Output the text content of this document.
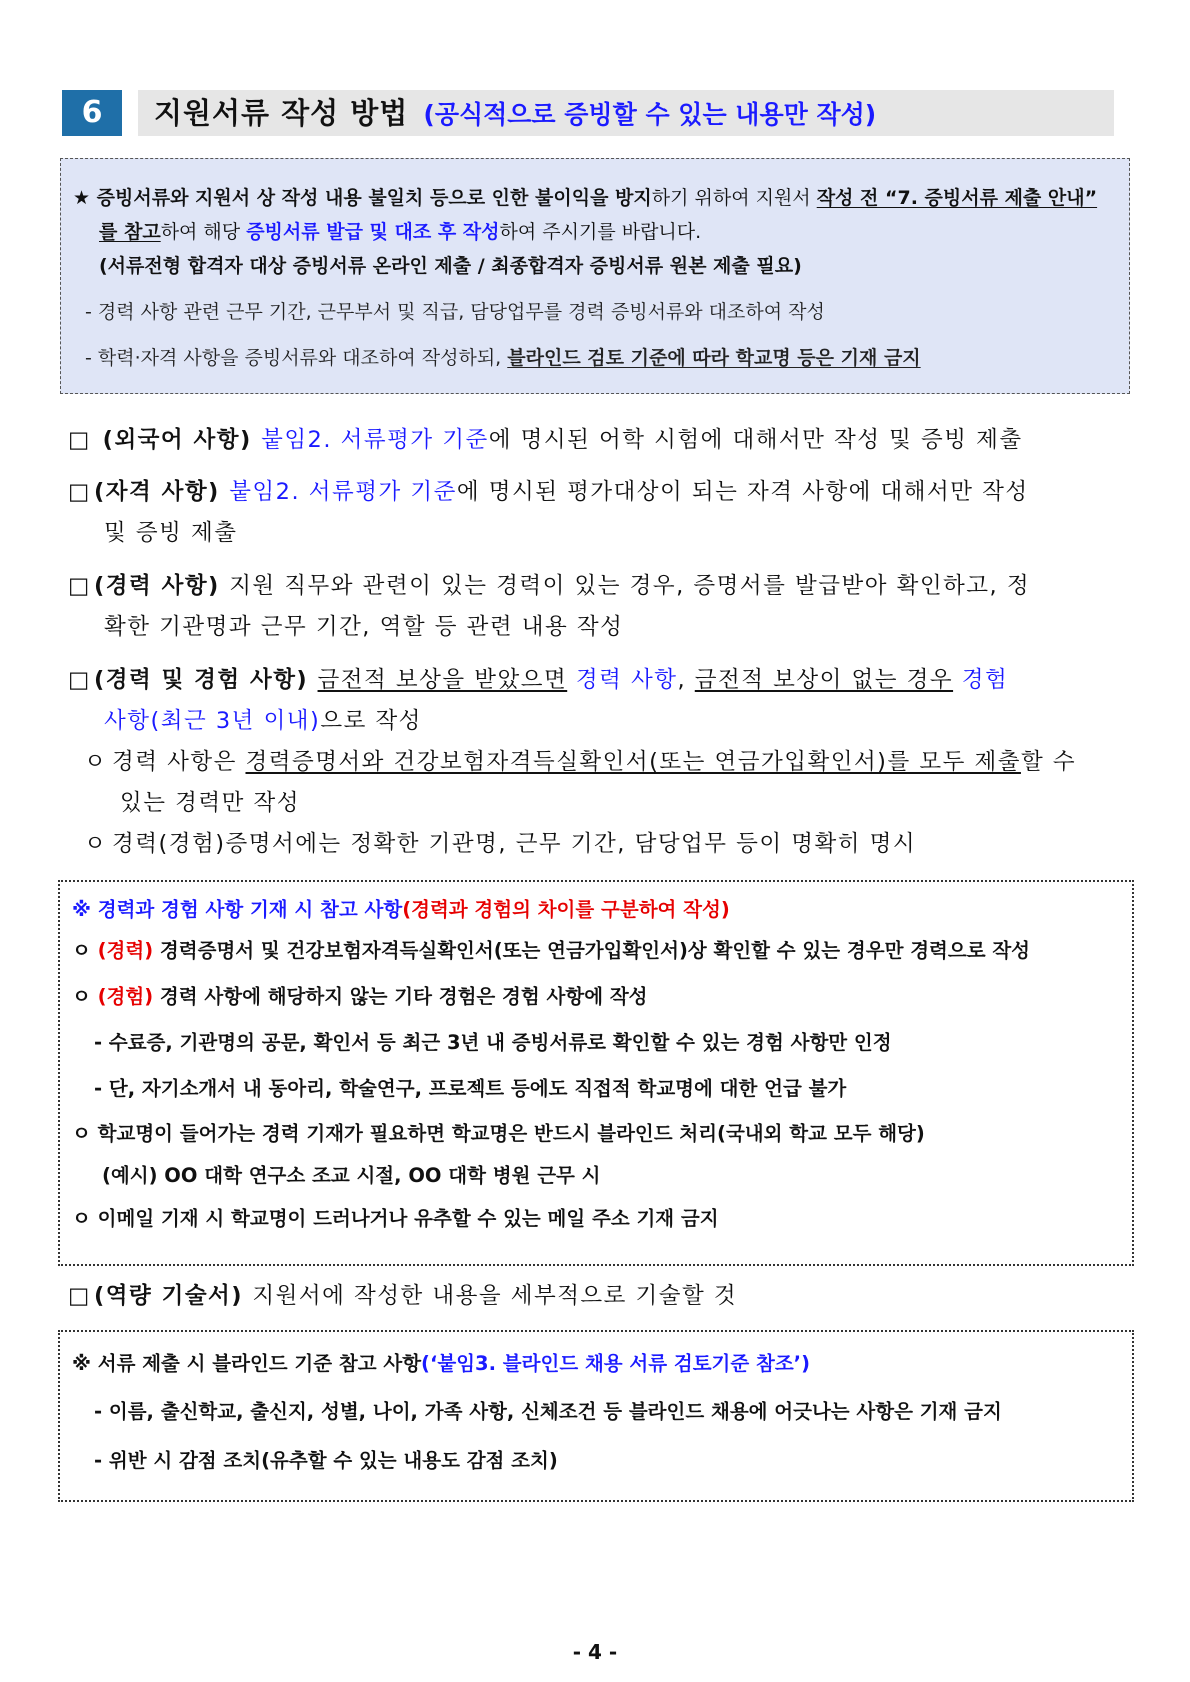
6	지원서류 작성 방법 (공식적으로 증빙할 수 있는 내용만 작성)
★ 증빙서류와 지원서 상 작성 내용 불일치 등으로 인한 불이익을 방지하기 위하여 지원서 작성 전 “7. 증빙서류 제출 안내”
를 참고하여 해당 증빙서류 발급 및 대조 후 작성하여 주시기를 바랍니다.
(서류전형 합격자 대상 증빙서류 온라인 제출 / 최종합격자 증빙서류 원본 제출 필요)
- 경력 사항 관련 근무 기간, 근무부서 및 직급, 담당업무를 경력 증빙서류와 대조하여 작성
- 학력·자격 사항을 증빙서류와 대조하여 작성하되, 블라인드 검토 기준에 따라 학교명 등은 기재 금지
□ (외국어 사항) 붙임2. 서류평가 기준에 명시된 어학 시험에 대해서만 작성 및 증빙 제출
□ (자격 사항) 붙임2. 서류평가 기준에 명시된 평가대상이 되는 자격 사항에 대해서만 작성
및 증빙 제출
□ (경력 사항) 지원 직무와 관련이 있는 경력이 있는 경우, 증명서를 발급받아 확인하고, 정
확한 기관명과 근무 기간, 역할 등 관련 내용 작성
□ (경력 및 경험 사항) 금전적 보상을 받았으면 경력 사항, 금전적 보상이 없는 경우 경험
사항(최근 3년 이내)으로 작성
ㅇ 경력 사항은 경력증명서와 건강보험자격득실확인서(또는 연금가입확인서)를 모두 제출할 수
있는 경력만 작성
ㅇ 경력(경험)증명서에는 정확한 기관명, 근무 기간, 담당업무 등이 명확히 명시
※ 경력과 경험 사항 기재 시 참고 사항(경력과 경험의 차이를 구분하여 작성)
ㅇ (경력) 경력증명서 및 건강보험자격득실확인서(또는 연금가입확인서)상 확인할 수 있는 경우만 경력으로 작성
ㅇ (경험) 경력 사항에 해당하지 않는 기타 경험은 경험 사항에 작성
- 수료증, 기관명의 공문, 확인서 등 최근 3년 내 증빙서류로 확인할 수 있는 경험 사항만 인정
- 단, 자기소개서 내 동아리, 학술연구, 프로젝트 등에도 직접적 학교명에 대한 언급 불가
ㅇ 학교명이 들어가는 경력 기재가 필요하면 학교명은 반드시 블라인드 처리(국내외 학교 모두 해당)
(예시) OO 대학 연구소 조교 시절, OO 대학 병원 근무 시
ㅇ 이메일 기재 시 학교명이 드러나거나 유추할 수 있는 메일 주소 기재 금지
□ (역량 기술서) 지원서에 작성한 내용을 세부적으로 기술할 것
※ 서류 제출 시 블라인드 기준 참고 사항(‘붙임3. 블라인드 채용 서류 검토기준 참조’)
- 이름, 출신학교, 출신지, 성별, 나이, 가족 사항, 신체조건 등 블라인드 채용에 어긋나는 사항은 기재 금지
- 위반 시 감점 조치(유추할 수 있는 내용도 감점 조치)
- 4 -
